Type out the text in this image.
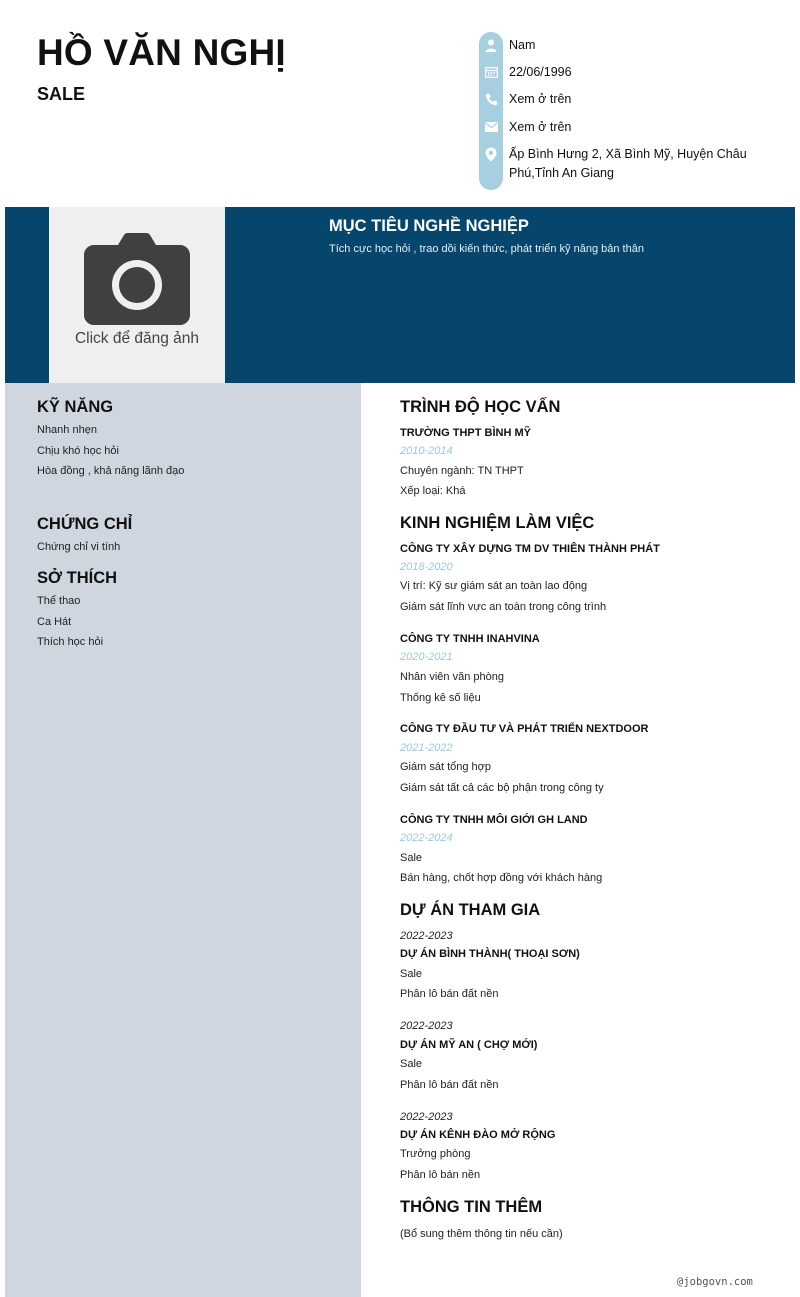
HỒ VĂN NGHỊ
SALE
Nam
22/06/1996
Xem ở trên
Xem ở trên
Ấp Bình Hưng 2, Xã Bình Mỹ, Huyện Châu Phú,Tỉnh An Giang
Click để đăng ảnh
MỤC TIÊU NGHỀ NGHIỆP
Tích cực học hỏi , trao dồi kiến thức, phát triển kỹ năng bản thân
KỸ NĂNG
Nhanh nhẹn
Chịu khó học hỏi
Hòa đồng , khả năng lãnh đạo
CHỨNG CHỈ
Chứng chỉ vi tính
SỞ THÍCH
Thể thao
Ca Hát
Thích học hỏi
TRÌNH ĐỘ HỌC VẤN
TRƯỜNG THPT BÌNH MỸ
2010-2014
Chuyên ngành: TN THPT
Xếp loại: Khá
KINH NGHIỆM LÀM VIỆC
CÔNG TY XÂY DỰNG TM DV THIÊN THÀNH PHÁT
2018-2020
Vị trí: Kỹ sư giám sát an toàn lao động
Giám sát lĩnh vực an toàn trong công trình
CÔNG TY TNHH INAHVINA
2020-2021
Nhân viên văn phòng
Thống kê số liệu
CÔNG TY ĐẦU TƯ VÀ PHÁT TRIỂN NEXTDOOR
2021-2022
Giám sát tổng hợp
Giám sát tất cả các bộ phận trong công ty
CÔNG TY TNHH MÔI GIỚI GH LAND
2022-2024
Sale
Bán hàng, chốt hợp đồng với khách hàng
DỰ ÁN THAM GIA
2022-2023
DỰ ÁN BÌNH THÀNH( THOẠI SƠN)
Sale
Phân lô bán đất nền
2022-2023
DỰ ÁN MỸ AN ( CHỢ MỚI)
Sale
Phân lô bán đất nền
2022-2023
DỰ ÁN KÊNH ĐÀO MỞ RỘNG
Trưởng phòng
Phân lô bán nền
THÔNG TIN THÊM
(Bổ sung thêm thông tin nếu cần)
@jobgovn.com
